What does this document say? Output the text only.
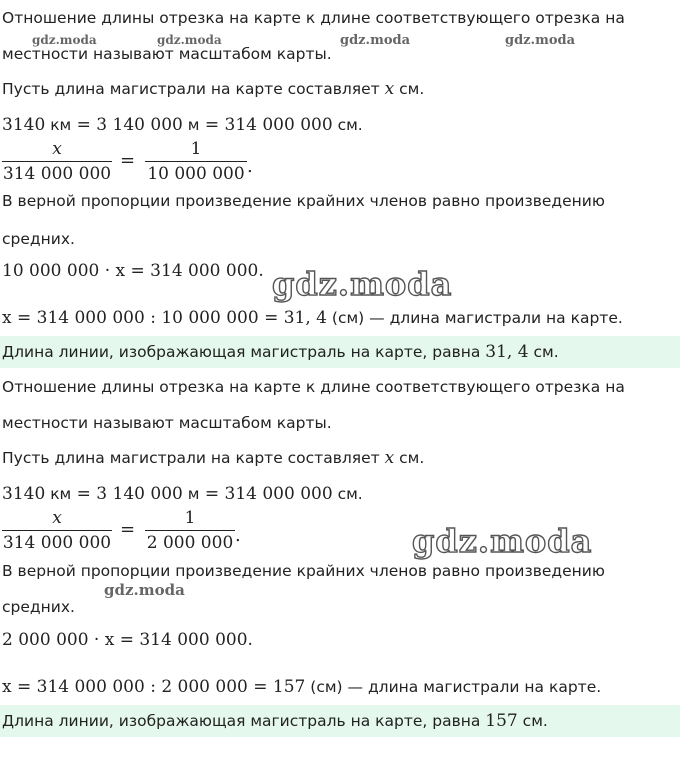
Отношение длины отрезка на карте к длине соответствующего отрезка на
местности называют масштабом карты.
Пусть длина магистрали на карте составляет x см.
3140 км = 3 140 000 м = 314 000 000 см.
x
314 000 000
=
1
10 000 000 .
В верной пропорции произведение крайних членов равно произведению
средних.
10 000 000 · x = 314 000 000.
x = 314 000 000 : 10 000 000 = 31, 4 (см) — длина магистрали на карте.
Длина линии, изображающая магистраль на карте, равна 31, 4 см.
Отношение длины отрезка на карте к длине соответствующего отрезка на
местности называют масштабом карты.
Пусть длина магистрали на карте составляет x см.
3140 км = 3 140 000 м = 314 000 000 см.
x
314 000 000
=
1
2 000 000 .
В верной пропорции произведение крайних членов равно произведению
средних.
2 000 000 · x = 314 000 000.
x = 314 000 000 : 2 000 000 = 157 (см) — длина магистрали на карте.
Длина линии, изображающая магистраль на карте, равна 157 см.
gdz.moda	gdz.moda	gdz.moda	gdz.moda
gdz.moda
gdz.moda
gdz.moda
